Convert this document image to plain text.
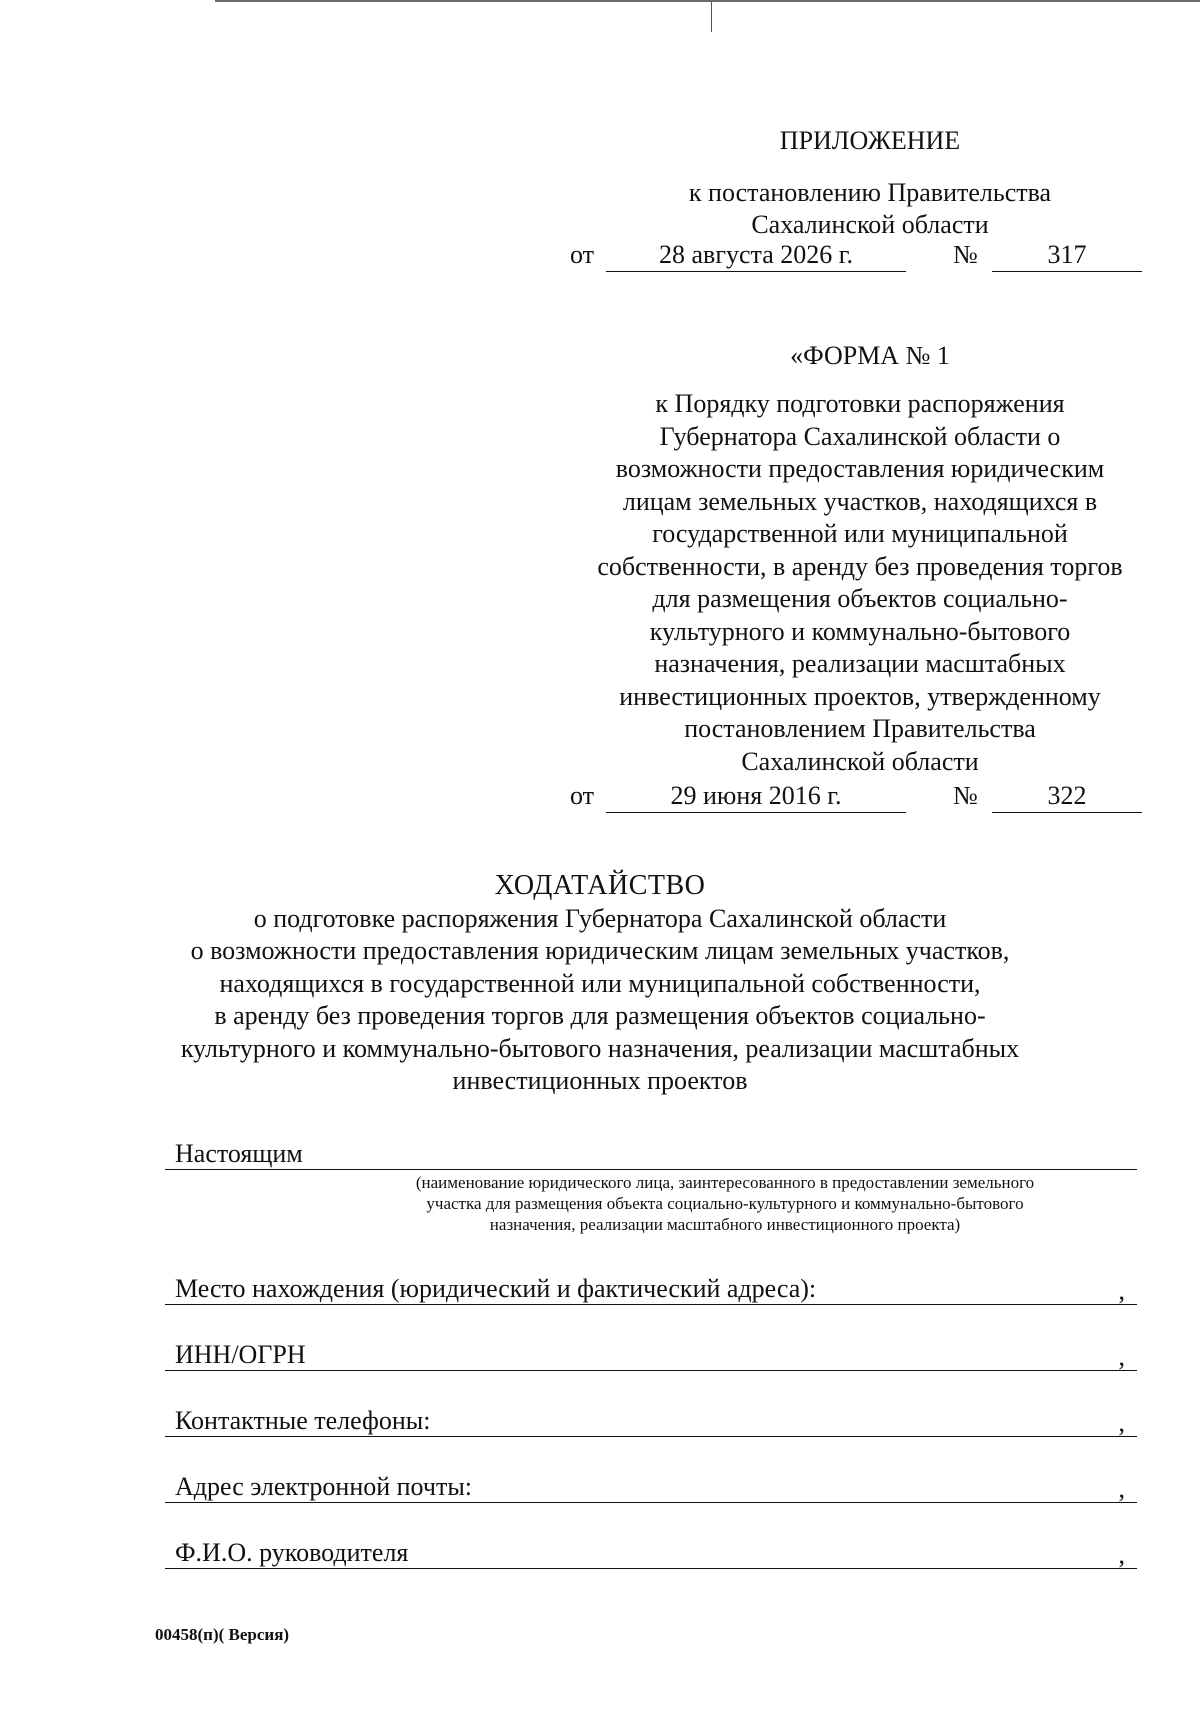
ПРИЛОЖЕНИЕ
к постановлению Правительства
Сахалинской области
от	28 августа 2026 г.	№	317
«ФОРМА № 1
к Порядку подготовки распоряжения
Губернатора Сахалинской области о
возможности предоставления юридическим
лицам земельных участков, находящихся в
государственной или муниципальной
собственности, в аренду без проведения торгов
для размещения объектов социально-
культурного и коммунально-бытового
назначения, реализации масштабных
инвестиционных проектов, утвержденному
постановлением Правительства
Сахалинской области
от	29 июня 2016 г.	№	322
ХОДАТАЙСТВО
о подготовке распоряжения Губернатора Сахалинской области
о возможности предоставления юридическим лицам земельных участков,
находящихся в государственной или муниципальной собственности,
в аренду без проведения торгов для размещения объектов социально-
культурного и коммунально-бытового назначения, реализации масштабных
инвестиционных проектов
Настоящим
(наименование юридического лица, заинтересованного в предоставлении земельного
участка для размещения объекта социально-культурного и коммунально-бытового
назначения, реализации масштабного инвестиционного проекта)
Место нахождения (юридический и фактический адреса):	,
ИНН/ОГРН	,
Контактные телефоны:	,
Адрес электронной почты:	,
Ф.И.О. руководителя	,
00458(п)( Версия)
